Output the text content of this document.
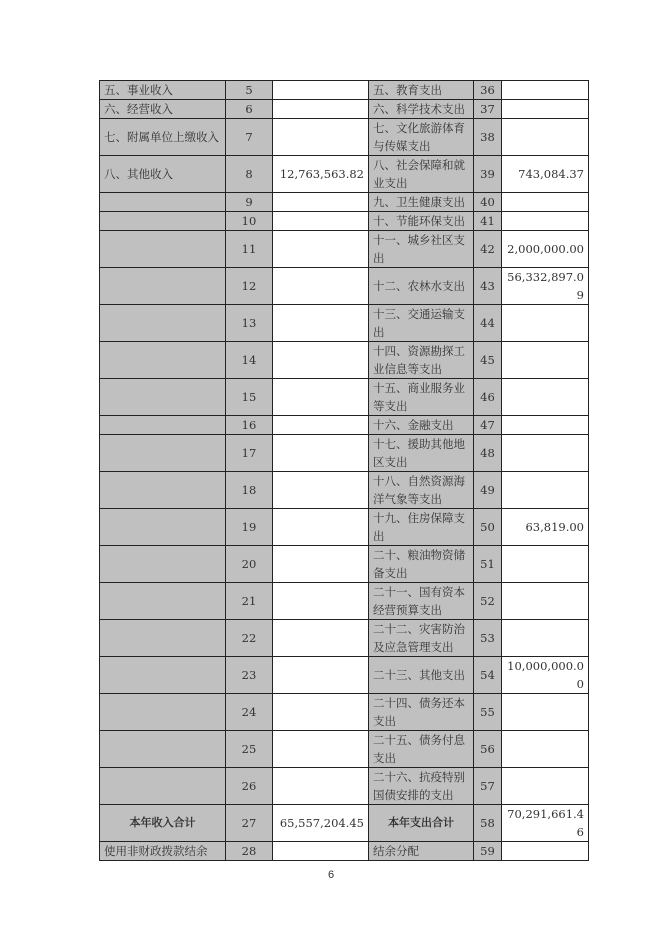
五、事业收入	5		五、教育支出	36	
六、经营收入	6		六、科学技术支出	37	
七、附属单位上缴收入	7		七、文化旅游体育与传媒支出	38	
八、其他收入	8	12,763,563.82	八、社会保障和就业支出	39	743,084.37
	9		九、卫生健康支出	40	
	10		十、节能环保支出	41	
	11		十一、城乡社区支出	42	2,000,000.00
	12		十二、农林水支出	43	56,332,897.09
	13		十三、交通运输支出	44	
	14		十四、资源勘探工业信息等支出	45	
	15		十五、商业服务业等支出	46	
	16		十六、金融支出	47	
	17		十七、援助其他地区支出	48	
	18		十八、自然资源海洋气象等支出	49	
	19		十九、住房保障支出	50	63,819.00
	20		二十、粮油物资储备支出	51	
	21		二十一、国有资本经营预算支出	52	
	22		二十二、灾害防治及应急管理支出	53	
	23		二十三、其他支出	54	10,000,000.00
	24		二十四、债务还本支出	55	
	25		二十五、债务付息支出	56	
	26		二十六、抗疫特别国债安排的支出	57	
本年收入合计	27	65,557,204.45	本年支出合计	58	70,291,661.46
使用非财政拨款结余	28		结余分配	59	
6
